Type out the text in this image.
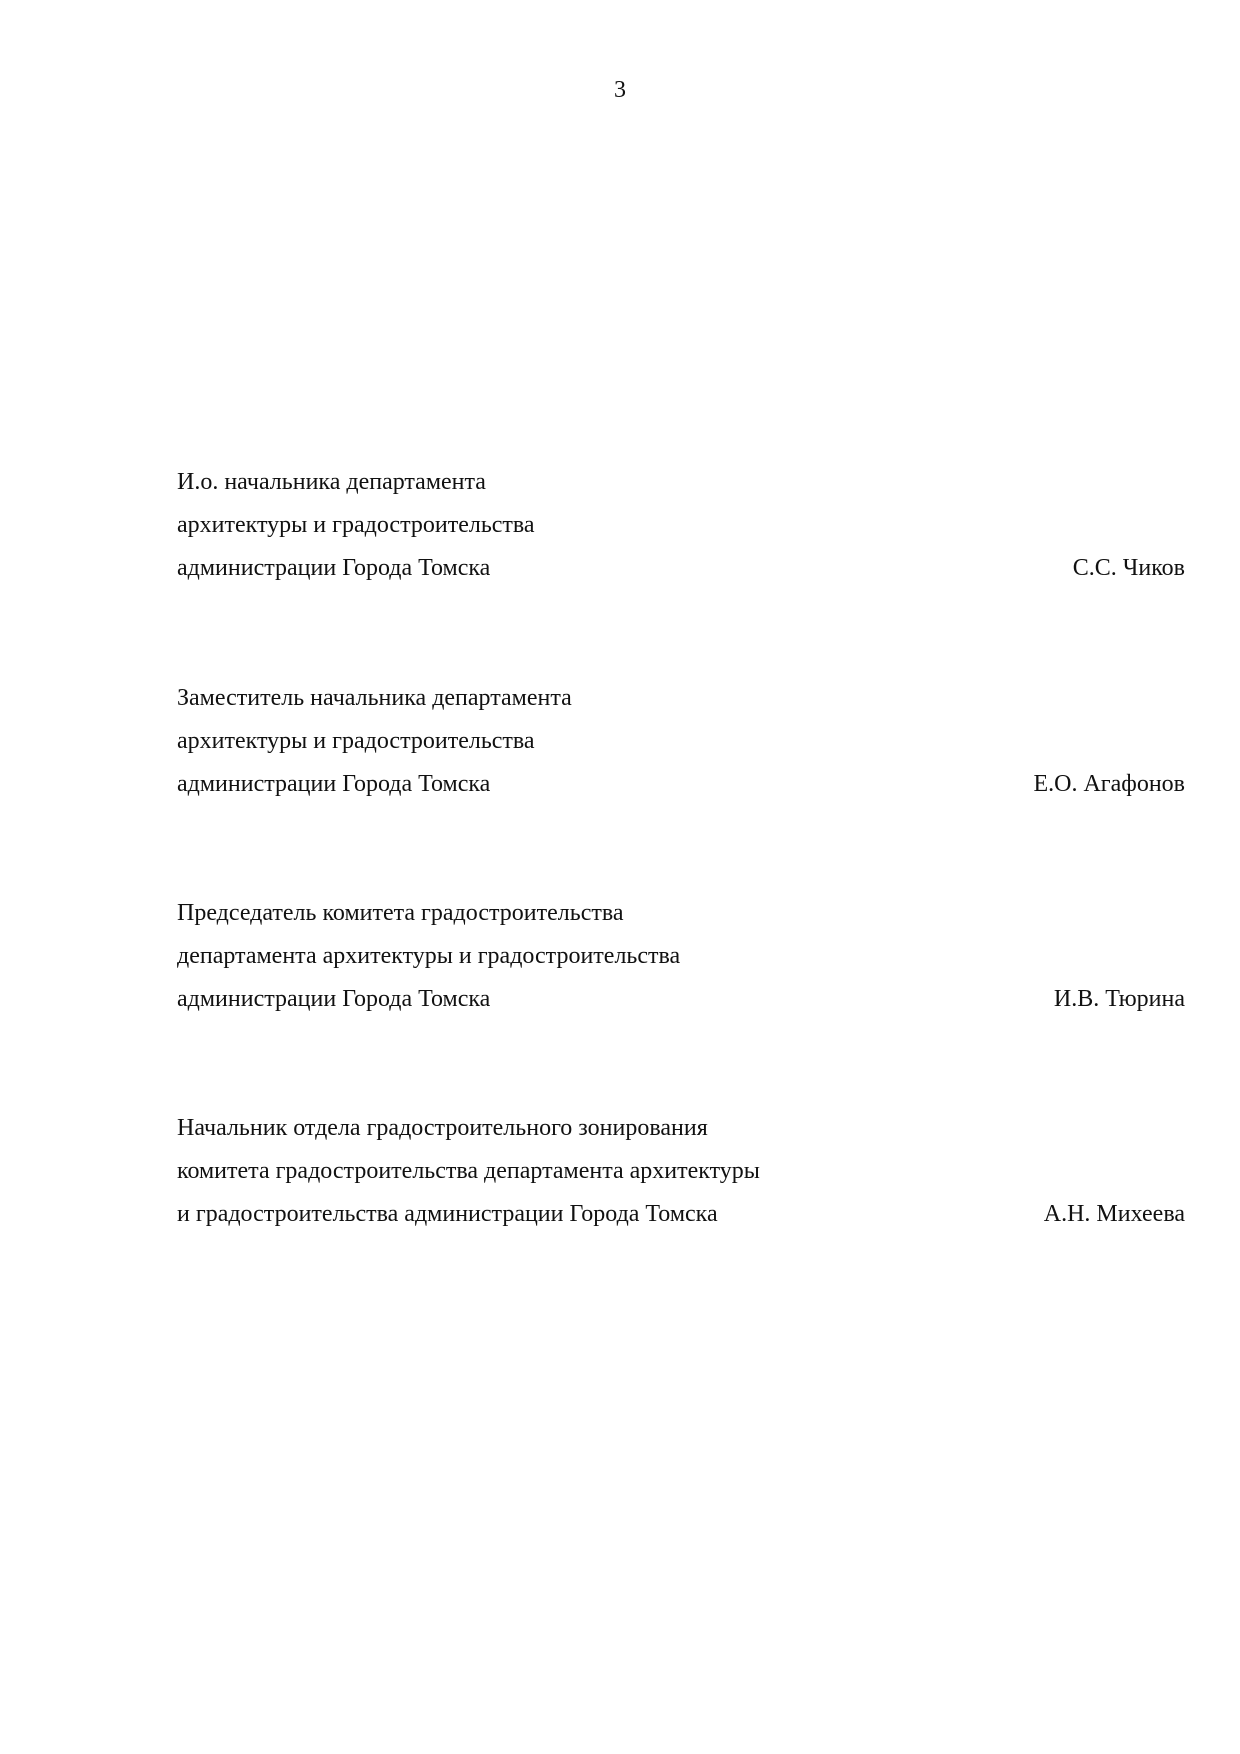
3
И.о. начальника департамента
архитектуры и градостроительства
администрации Города Томска	С.С. Чиков
Заместитель начальника департамента
архитектуры и градостроительства
администрации Города Томска	Е.О. Агафонов
Председатель комитета градостроительства
департамента архитектуры и градостроительства
администрации Города Томска	И.В. Тюрина
Начальник отдела градостроительного зонирования
комитета градостроительства департамента архитектуры
и градостроительства администрации Города Томска	А.Н. Михеева
